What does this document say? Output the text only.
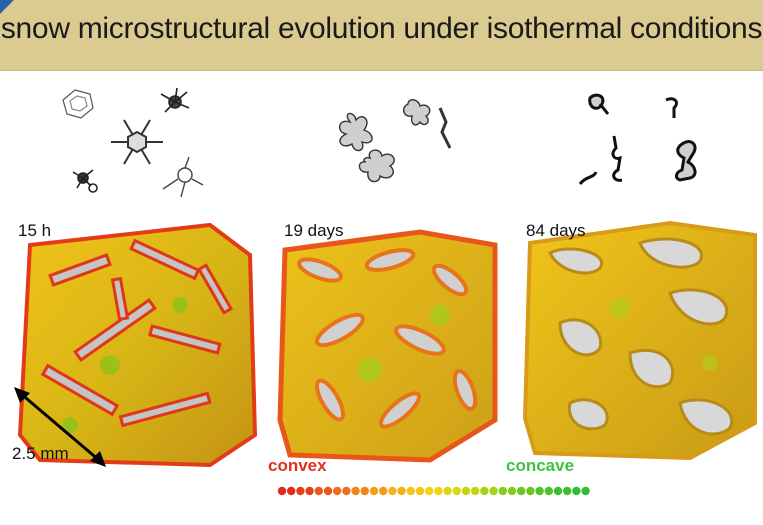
snow microstructural evolution under isothermal conditions
15 h	19 days	84 days
2.5 mm
convex	concave
